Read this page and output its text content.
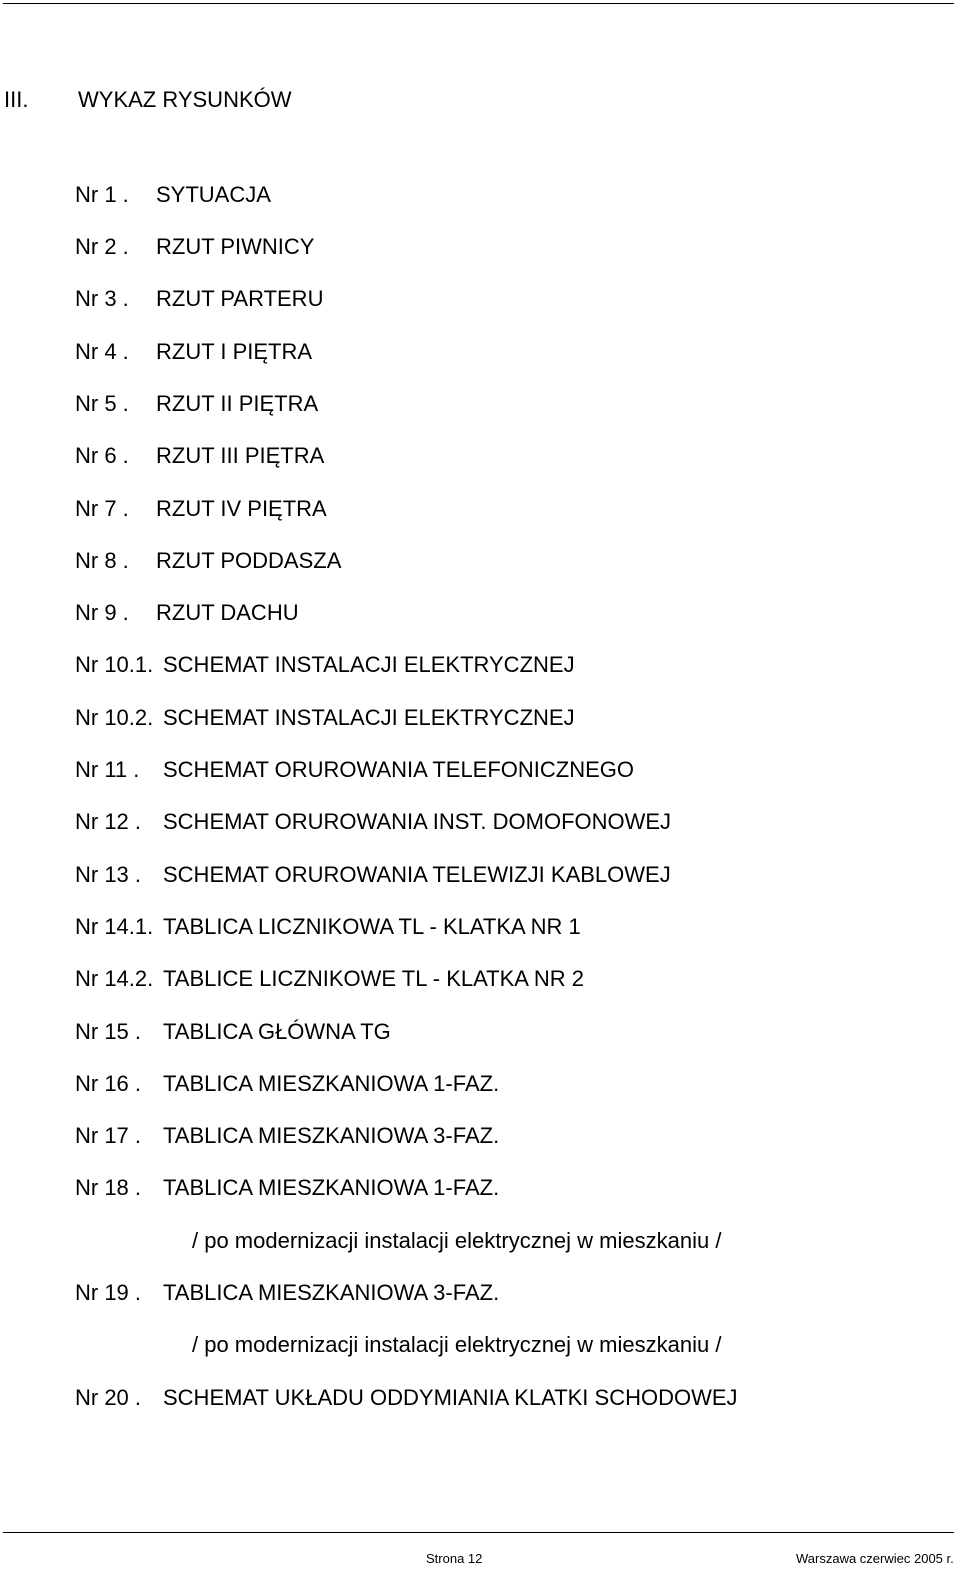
III. WYKAZ RYSUNKÓW
Nr 1 . SYTUACJA
Nr 2 . RZUT PIWNICY
Nr 3 . RZUT PARTERU
Nr 4 . RZUT I PIĘTRA
Nr 5 . RZUT II PIĘTRA
Nr 6 . RZUT III PIĘTRA
Nr 7 . RZUT IV PIĘTRA
Nr 8 . RZUT PODDASZA
Nr 9 . RZUT DACHU
Nr 10.1. SCHEMAT INSTALACJI ELEKTRYCZNEJ
Nr 10.2. SCHEMAT INSTALACJI ELEKTRYCZNEJ
Nr 11 . SCHEMAT ORUROWANIA TELEFONICZNEGO
Nr 12 . SCHEMAT ORUROWANIA INST. DOMOFONOWEJ
Nr 13 . SCHEMAT ORUROWANIA TELEWIZJI KABLOWEJ
Nr 14.1. TABLICA LICZNIKOWA TL - KLATKA NR 1
Nr 14.2. TABLICE LICZNIKOWE TL - KLATKA NR 2
Nr 15 . TABLICA GŁÓWNA TG
Nr 16 . TABLICA MIESZKANIOWA 1-FAZ.
Nr 17 . TABLICA MIESZKANIOWA 3-FAZ.
Nr 18 . TABLICA MIESZKANIOWA 1-FAZ.
/ po modernizacji instalacji elektrycznej w mieszkaniu /
Nr 19 . TABLICA MIESZKANIOWA 3-FAZ.
/ po modernizacji instalacji elektrycznej w mieszkaniu /
Nr 20 . SCHEMAT UKŁADU ODDYMIANIA KLATKI SCHODOWEJ
Strona 12	Warszawa czerwiec 2005 r.
